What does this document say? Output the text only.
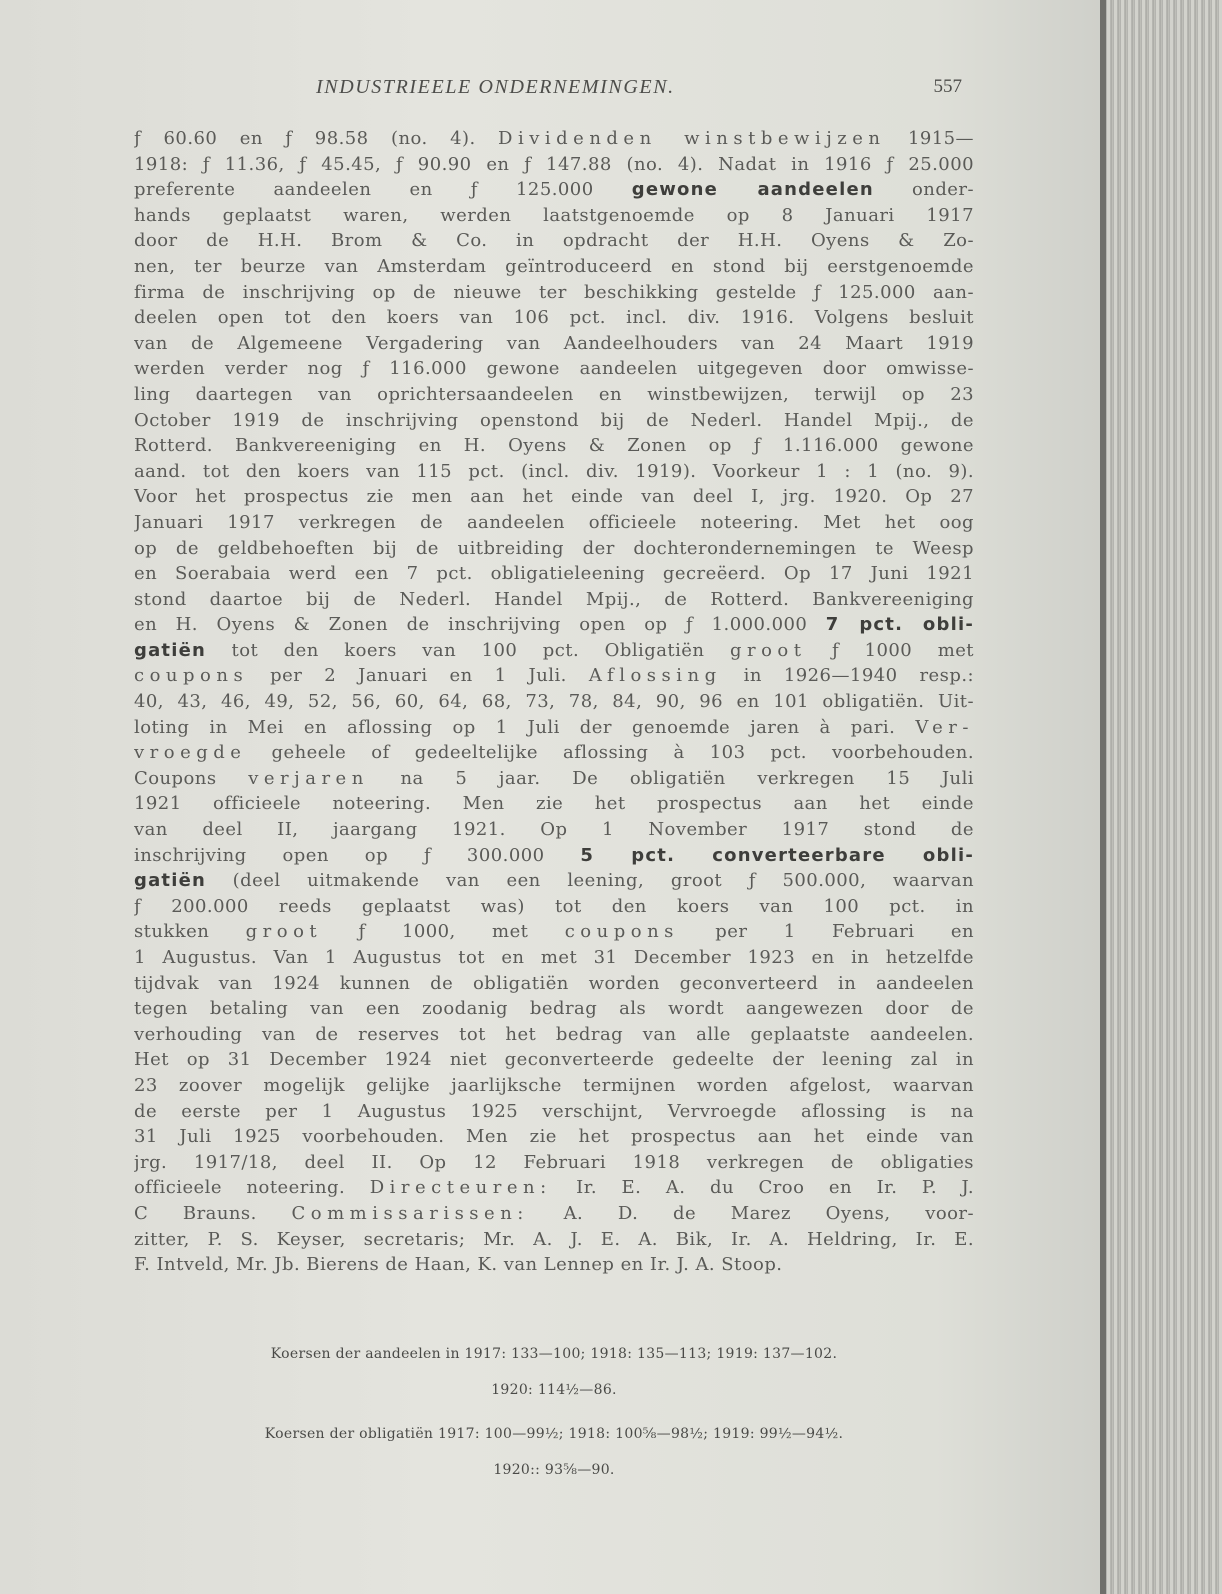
INDUSTRIEELE ONDERNEMINGEN.	557
ƒ 60.60 en ƒ 98.58 (no. 4). Dividenden winstbewijzen 1915—
1918: ƒ 11.36, ƒ 45.45, ƒ 90.90 en ƒ 147.88 (no. 4). Nadat in 1916 ƒ 25.000
preferente aandeelen en ƒ 125.000 gewone aandeelen onder-
hands geplaatst waren, werden laatstgenoemde op 8 Januari 1917
door de H.H. Brom & Co. in opdracht der H.H. Oyens & Zo-
nen, ter beurze van Amsterdam geïntroduceerd en stond bij eerstgenoemde
firma de inschrijving op de nieuwe ter beschikking gestelde ƒ 125.000 aan-
deelen open tot den koers van 106 pct. incl. div. 1916. Volgens besluit
van de Algemeene Vergadering van Aandeelhouders van 24 Maart 1919
werden verder nog ƒ 116.000 gewone aandeelen uitgegeven door omwisse-
ling daartegen van oprichtersaandeelen en winstbewijzen, terwijl op 23
October 1919 de inschrijving openstond bij de Nederl. Handel Mpij., de
Rotterd. Bankvereeniging en H. Oyens & Zonen op ƒ 1.116.000 gewone
aand. tot den koers van 115 pct. (incl. div. 1919). Voorkeur 1 : 1 (no. 9).
Voor het prospectus zie men aan het einde van deel I, jrg. 1920. Op 27
Januari 1917 verkregen de aandeelen officieele noteering. Met het oog
op de geldbehoeften bij de uitbreiding der dochterondernemingen te Weesp
en Soerabaia werd een 7 pct. obligatieleening gecreëerd. Op 17 Juni 1921
stond daartoe bij de Nederl. Handel Mpij., de Rotterd. Bankvereeniging
en H. Oyens & Zonen de inschrijving open op ƒ 1.000.000 7 pct. obli-
gatiën tot den koers van 100 pct. Obligatiën groot ƒ 1000 met
coupons per 2 Januari en 1 Juli. Aflossing in 1926—1940 resp.:
40, 43, 46, 49, 52, 56, 60, 64, 68, 73, 78, 84, 90, 96 en 101 obligatiën. Uit-
loting in Mei en aflossing op 1 Juli der genoemde jaren à pari. Ver-
vroegde geheele of gedeeltelijke aflossing à 103 pct. voorbehouden.
Coupons verjaren na 5 jaar. De obligatiën verkregen 15 Juli
1921 officieele noteering. Men zie het prospectus aan het einde
van deel II, jaargang 1921. Op 1 November 1917 stond de
inschrijving open op ƒ 300.000 5 pct. converteerbare obli-
gatiën (deel uitmakende van een leening, groot ƒ 500.000, waarvan
ƒ 200.000 reeds geplaatst was) tot den koers van 100 pct. in
stukken groot ƒ 1000, met coupons per 1 Februari en
1 Augustus. Van 1 Augustus tot en met 31 December 1923 en in hetzelfde
tijdvak van 1924 kunnen de obligatiën worden geconverteerd in aandeelen
tegen betaling van een zoodanig bedrag als wordt aangewezen door de
verhouding van de reserves tot het bedrag van alle geplaatste aandeelen.
Het op 31 December 1924 niet geconverteerde gedeelte der leening zal in
23 zoover mogelijk gelijke jaarlijksche termijnen worden afgelost, waarvan
de eerste per 1 Augustus 1925 verschijnt, Vervroegde aflossing is na
31 Juli 1925 voorbehouden. Men zie het prospectus aan het einde van
jrg. 1917/18, deel II. Op 12 Februari 1918 verkregen de obligaties
officieele noteering. Directeuren: Ir. E. A. du Croo en Ir. P. J.
C Brauns. Commissarissen: A. D. de Marez Oyens, voor-
zitter, P. S. Keyser, secretaris; Mr. A. J. E. A. Bik, Ir. A. Heldring, Ir. E.
F. Intveld, Mr. Jb. Bierens de Haan, K. van Lennep en Ir. J. A. Stoop.
Koersen der aandeelen in 1917: 133—100; 1918: 135—113; 1919: 137—102.
1920: 114½—86.
Koersen der obligatiën 1917: 100—99½; 1918: 100⅝—98½; 1919: 99½—94½.
1920:: 93⅝—90.
